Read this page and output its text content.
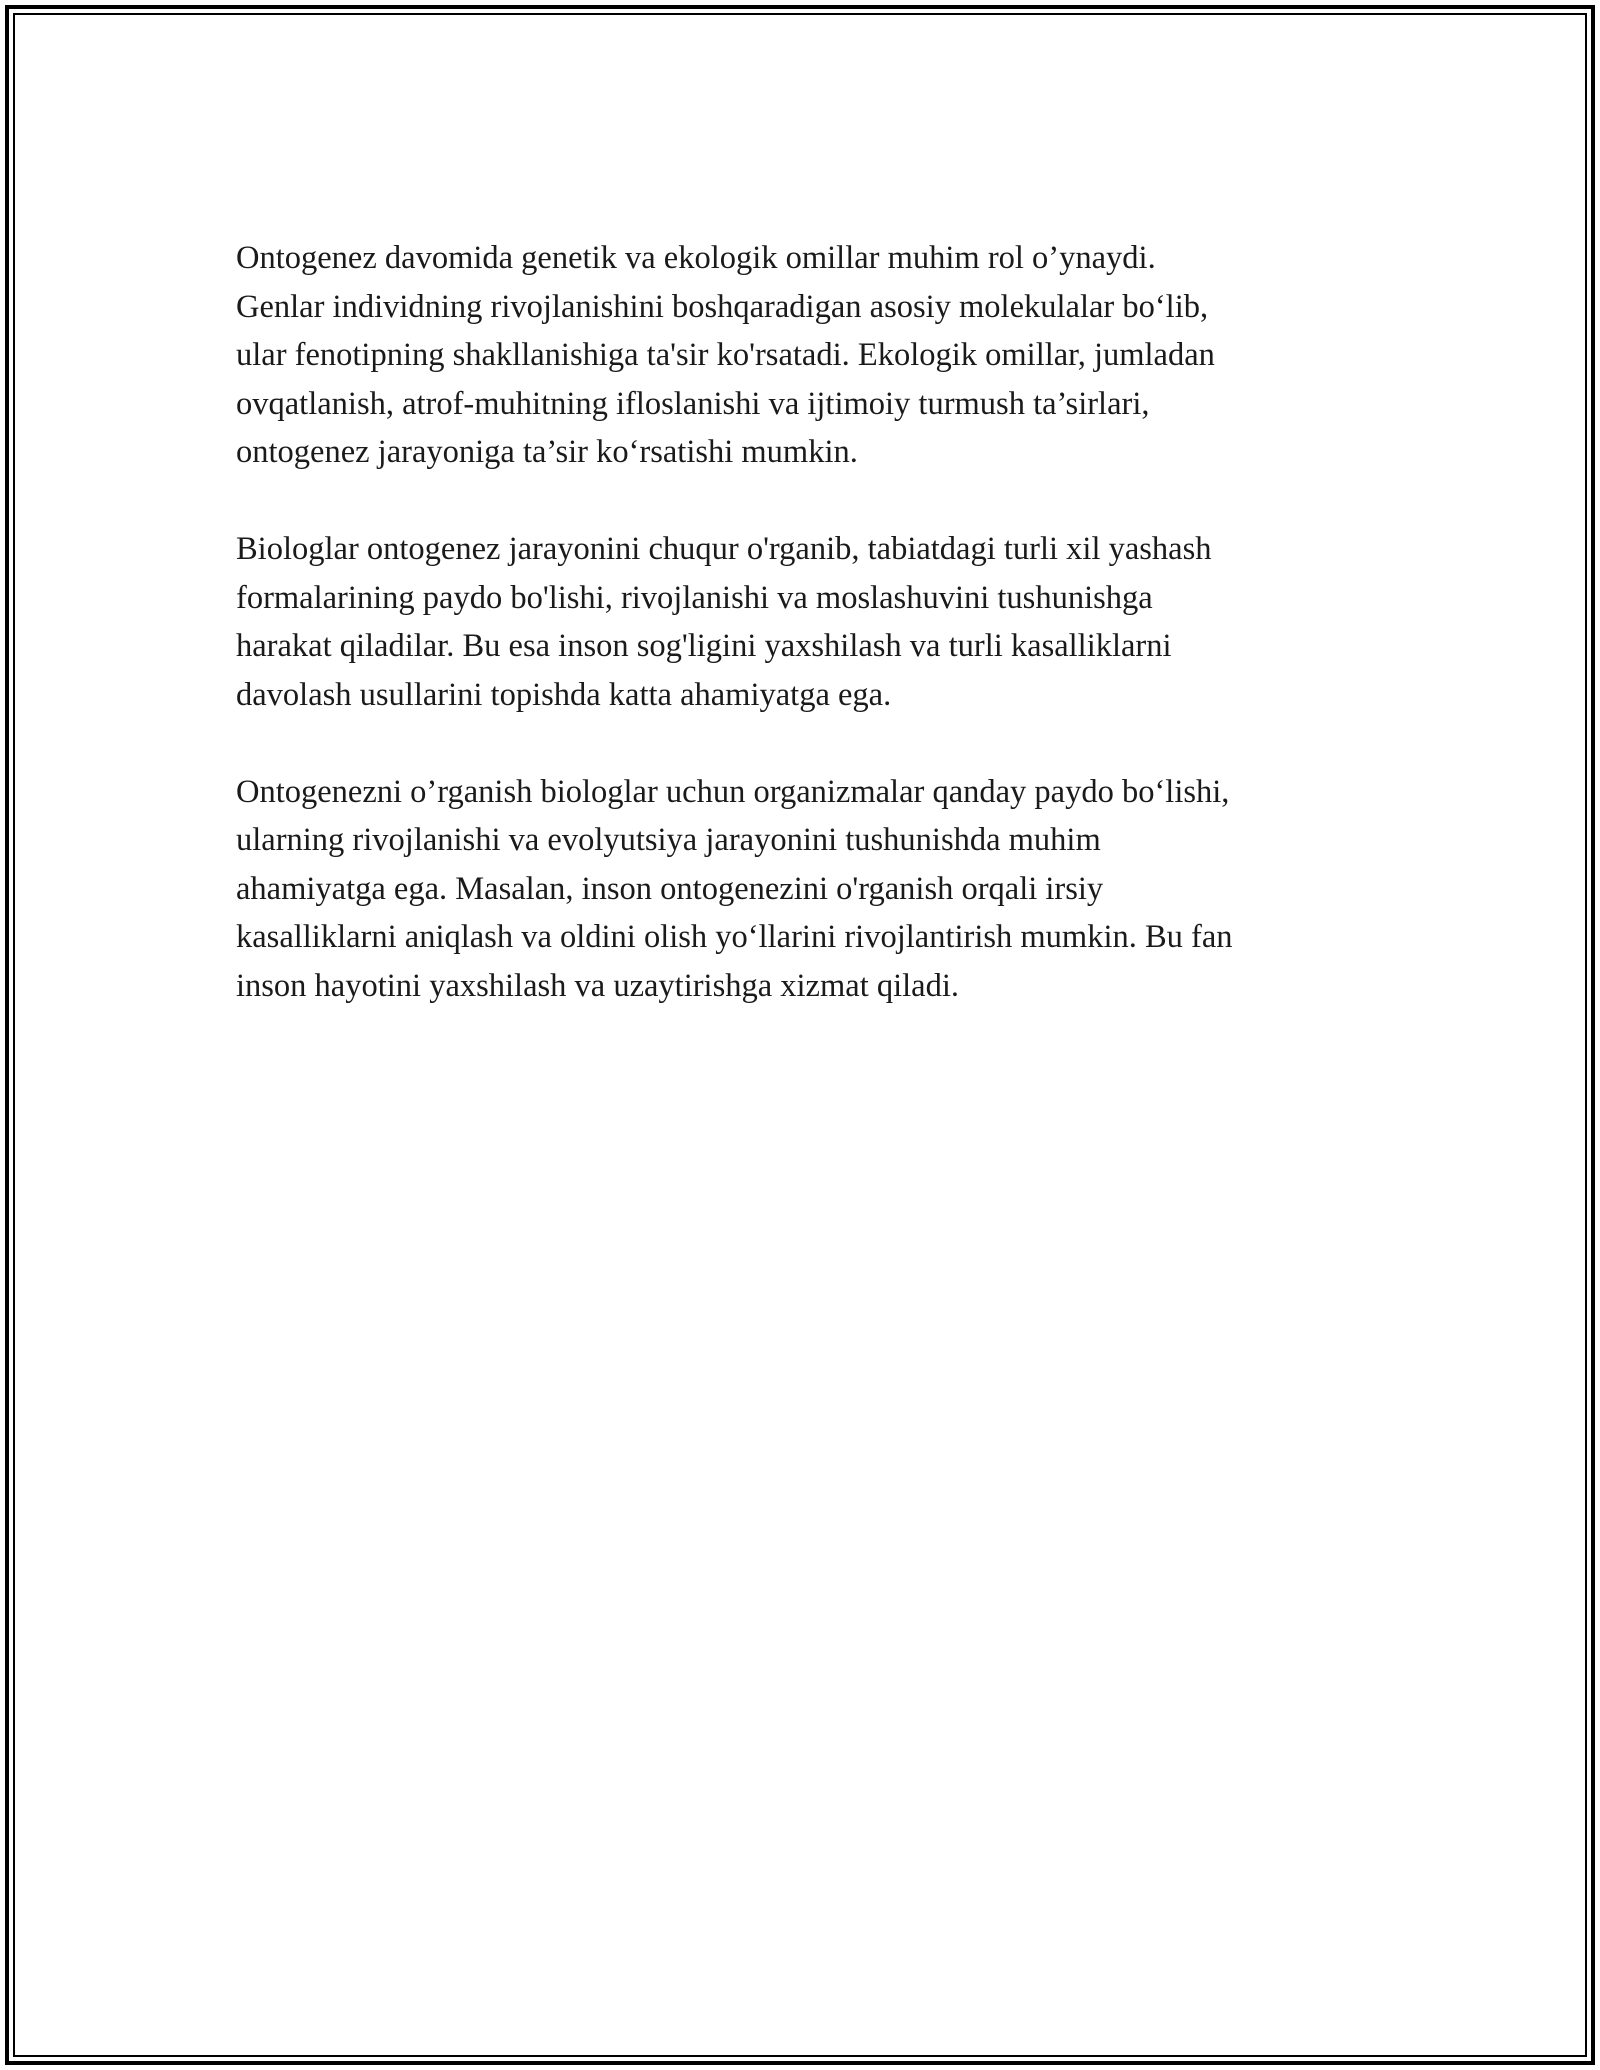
Ontogenez davomida genetik va ekologik omillar muhim rol o’ynaydi.
Genlar individning rivojlanishini boshqaradigan asosiy molekulalar bo‘lib,
ular fenotipning shakllanishiga ta'sir ko'rsatadi. Ekologik omillar, jumladan
ovqatlanish, atrof-muhitning ifloslanishi va ijtimoiy turmush ta’sirlari,
ontogenez jarayoniga ta’sir ko‘rsatishi mumkin.

Biologlar ontogenez jarayonini chuqur o'rganib, tabiatdagi turli xil yashash
formalarining paydo bo'lishi, rivojlanishi va moslashuvini tushunishga
harakat qiladilar. Bu esa inson sog'ligini yaxshilash va turli kasalliklarni
davolash usullarini topishda katta ahamiyatga ega.

Ontogenezni o’rganish biologlar uchun organizmalar qanday paydo bo‘lishi,
ularning rivojlanishi va evolyutsiya jarayonini tushunishda muhim
ahamiyatga ega. Masalan, inson ontogenezini o'rganish orqali irsiy
kasalliklarni aniqlash va oldini olish yo‘llarini rivojlantirish mumkin. Bu fan
inson hayotini yaxshilash va uzaytirishga xizmat qiladi.
